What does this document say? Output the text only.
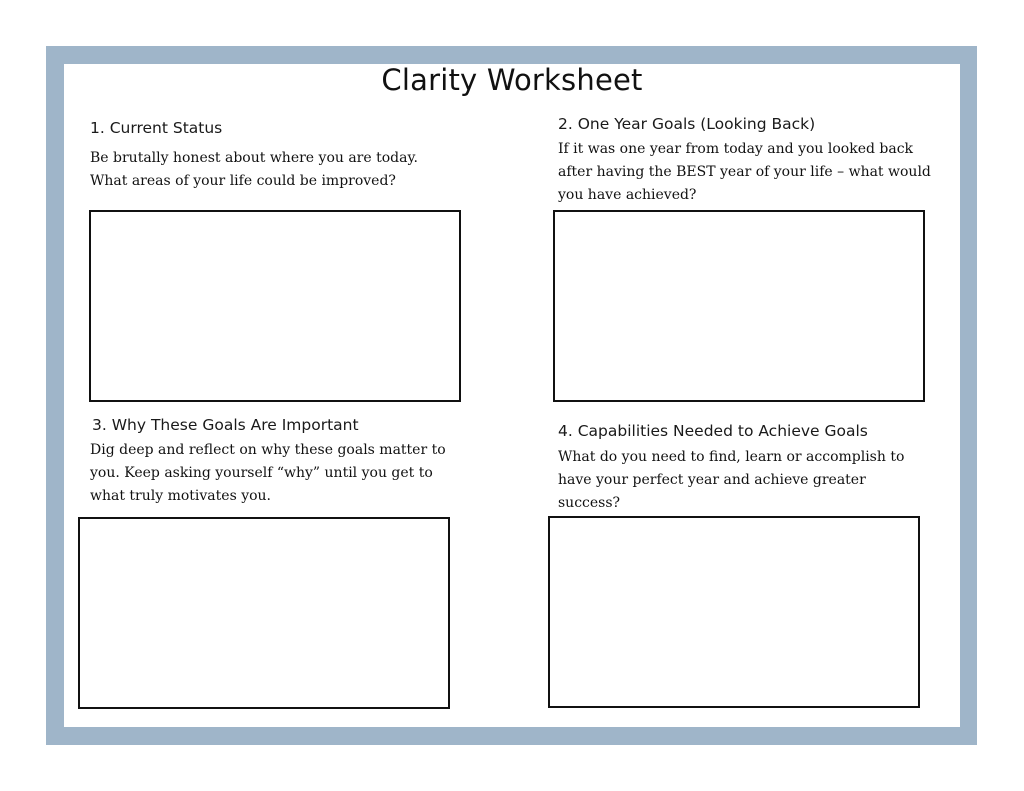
Clarity Worksheet
1. Current Status
Be brutally honest about where you are today.
What areas of your life could be improved?
2. One Year Goals (Looking Back)
If it was one year from today and you looked back
after having the BEST year of your life – what would
you have achieved?
3. Why These Goals Are Important
Dig deep and reflect on why these goals matter to
you. Keep asking yourself “why” until you get to
what truly motivates you.
4. Capabilities Needed to Achieve Goals
What do you need to find, learn or accomplish to
have your perfect year and achieve greater
success?
